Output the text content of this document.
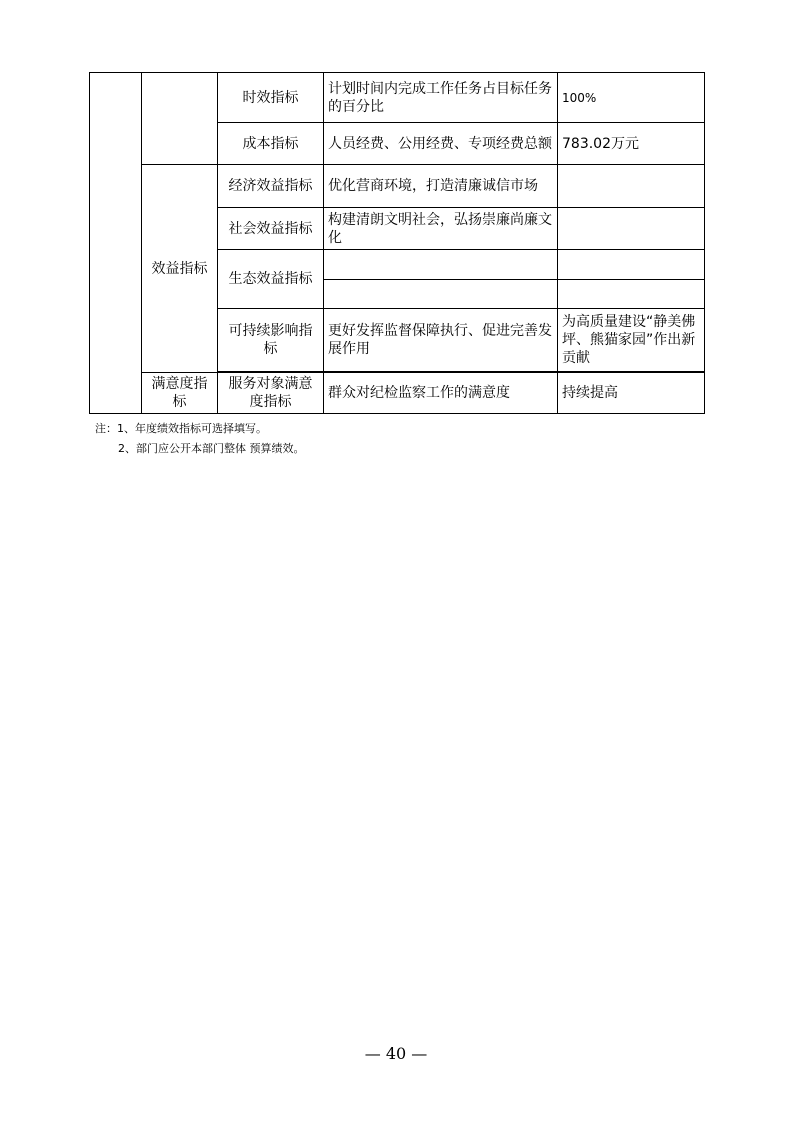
		时效指标	计划时间内完成工作任务占目标任务的百分比	100%
		成本指标	人员经费、公用经费、专项经费总额	783.02万元
	效益指标	经济效益指标	优化营商环境，打造清廉诚信市场	
		社会效益指标	构建清朗文明社会，弘扬崇廉尚廉文化	
		生态效益指标		

		可持续影响指标	更好发挥监督保障执行、促进完善发展作用	为高质量建设“静美佛坪、熊猫家园”作出新贡献

	满意度指标	服务对象满意度指标	群众对纪检监察工作的满意度	持续提高
注：1、年度绩效指标可选择填写。
2、部门应公开本部门整体 预算绩效。
— 40 —
